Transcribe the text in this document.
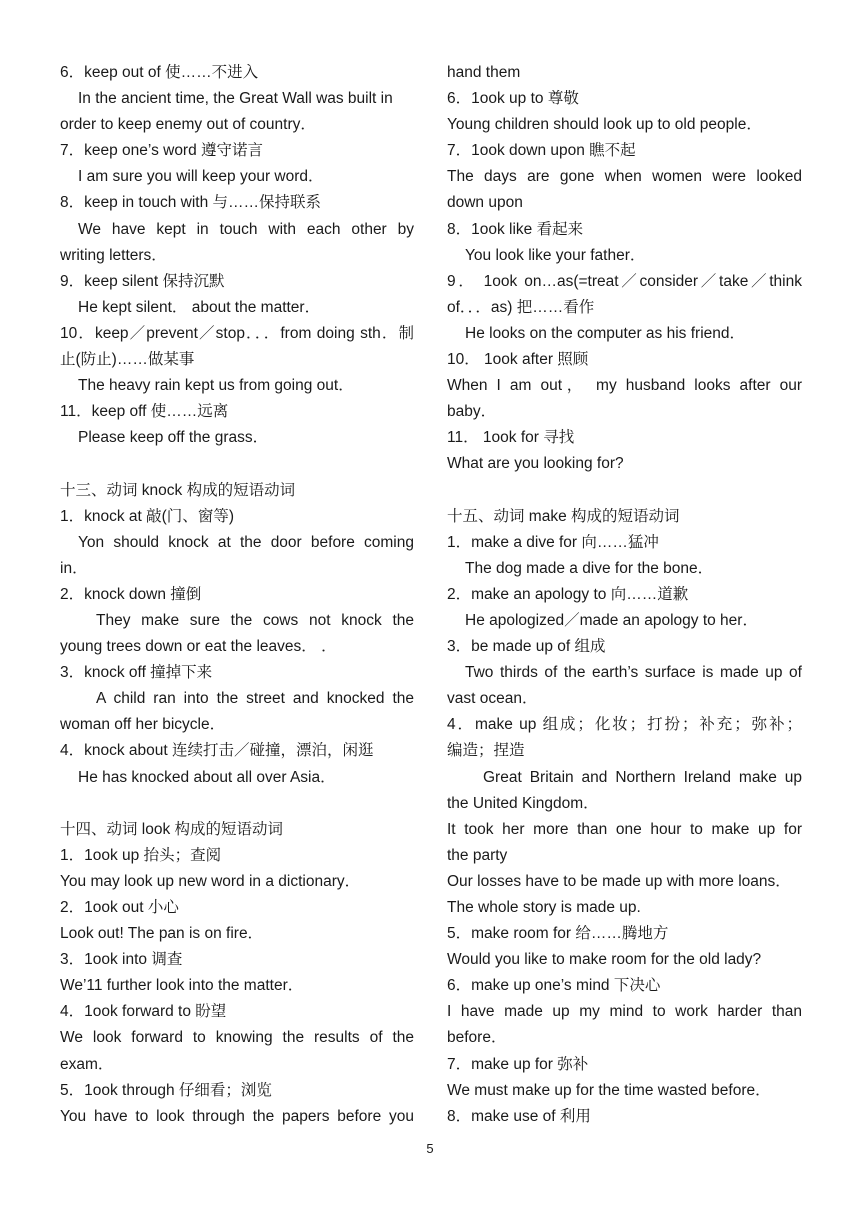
6．keep out of 使……不进入
In the ancient time, the Great Wall was built in
order to keep enemy out of country．
7．keep one’s word 遵守诺言
I am sure you will keep your word．
8．keep in touch with 与……保持联系
We have kept in touch with each other by
writing letters．
9．keep silent 保持沉默
He kept silent． about the matter．
10．keep／prevent／stop．．．from doing sth．制
止(防止)……做某事
The heavy rain kept us from going out．
11．keep off 使……远离
Please keep off the grass．
十三、动词 knock 构成的短语动词
1．knock at 敲(门、窗等)
Yon should knock at the door before coming
in．
2．knock down 撞倒
They make sure the cows not knock the
young trees down or eat the leaves． ．
3．knock off 撞掉下来
A child ran into the street and knocked the
woman off her bicycle．
4．knock about 连续打击／碰撞，漂泊，闲逛
He has knocked about all over Asia．
十四、动词 look 构成的短语动词
1．1ook up 抬头；查阅
You may look up new word in a dictionary．
2．1ook out 小心
Look out! The pan is on fire．
3．1ook into 调查
We’11 further look into the matter．
4．1ook forward to 盼望
We look forward to knowing the results of the
exam．
5．1ook through 仔细看；浏览
You have to look through the papers before you
hand them
6．1ook up to 尊敬
Young children should look up to old people．
7．1ook down upon 瞧不起
The days are gone when women were looked
down upon
8．1ook like 看起来
You look like your father．
9． 1ook on…as(=treat／consider／take／think
of．．．as) 把……看作
He looks on the computer as his friend．
10． 1ook after 照顾
When I am out， my husband looks after our
baby．
11． 1ook for 寻找
What are you looking for?
十五、动词 make 构成的短语动词
1．make a dive for 向……猛冲
The dog made a dive for the bone．
2．make an apology to 向……道歉
He apologized／made an apology to her．
3．be made up of 组成
Two thirds of the earth’s surface is made up of
vast ocean．
4．make up 组成；化妆；打扮；补充；弥补；
编造；捏造
Great Britain and Northern Ireland make up
the United Kingdom．
It took her more than one hour to make up for
the party
Our losses have to be made up with more loans．
The whole story is made up.
5．make room for 给……腾地方
Would you like to make room for the old lady?
6．make up one’s mind 下决心
I have made up my mind to work harder than
before．
7．make up for 弥补
We must make up for the time wasted before．
8．make use of 利用
5
